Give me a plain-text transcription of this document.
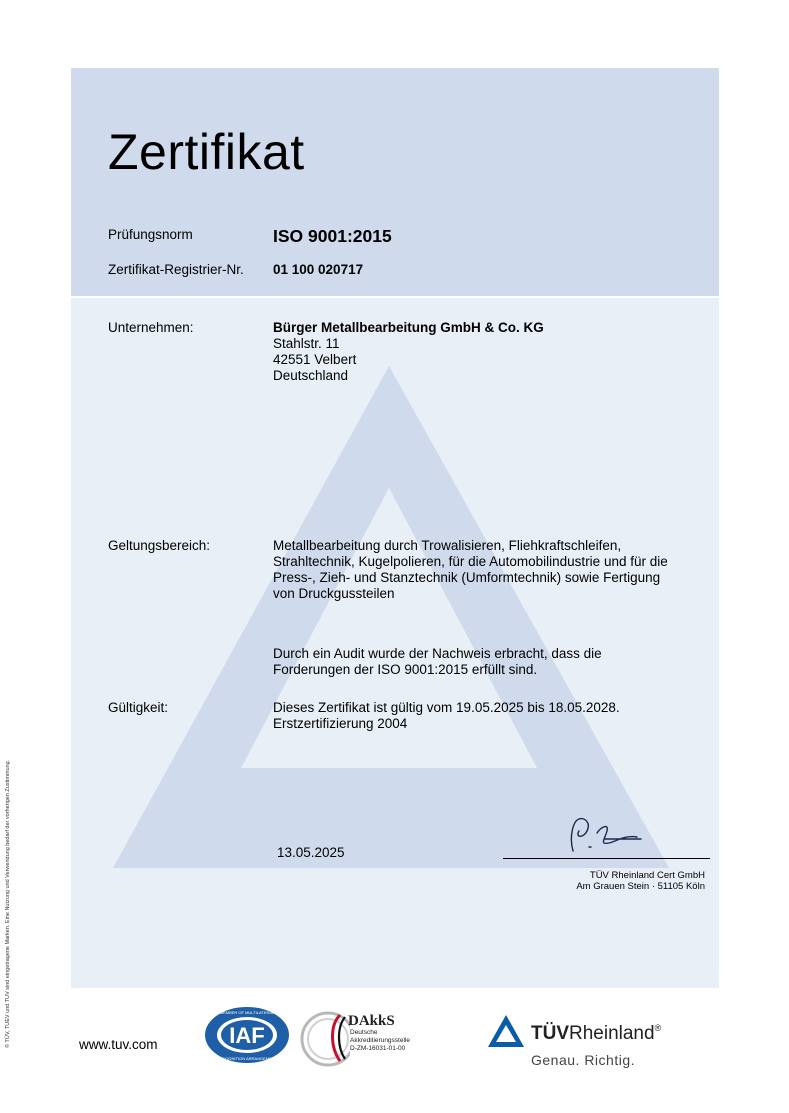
Zertifikat
Prüfungsnorm	ISO 9001:2015
Zertifikat-Registrier-Nr. 01 100 020717
Unternehmen:	Bürger Metallbearbeitung GmbH & Co. KG
Stahlstr. 11
42551 Velbert
Deutschland
Geltungsbereich:	Metallbearbeitung durch Trowalisieren, Fliehkraftschleifen,
Strahltechnik, Kugelpolieren, für die Automobilindustrie und für die
Press-, Zieh- und Stanztechnik (Umformtechnik) sowie Fertigung
von Druckgussteilen
Durch ein Audit wurde der Nachweis erbracht, dass die
Forderungen der ISO 9001:2015 erfüllt sind.
Gültigkeit:	Dieses Zertifikat ist gültig vom 19.05.2025 bis 18.05.2028.
Erstzertifizierung 2004
13.05.2025
TÜV Rheinland Cert GmbH
Am Grauen Stein · 51105 Köln
© TÜV, TUEV und TUV sind eingetragene Marken. Eine Nutzung und Verwendung bedarf der vorherigen Zustimmung.	www.tuv.com	IAF
MEMBER OF MULTILATERAL
RECOGNITION ARRANGEMENT
DAkkS
Deutsche
Akkreditierungsstelle
D-ZM-16031-01-00
TÜVRheinland®
Genau. Richtig.
